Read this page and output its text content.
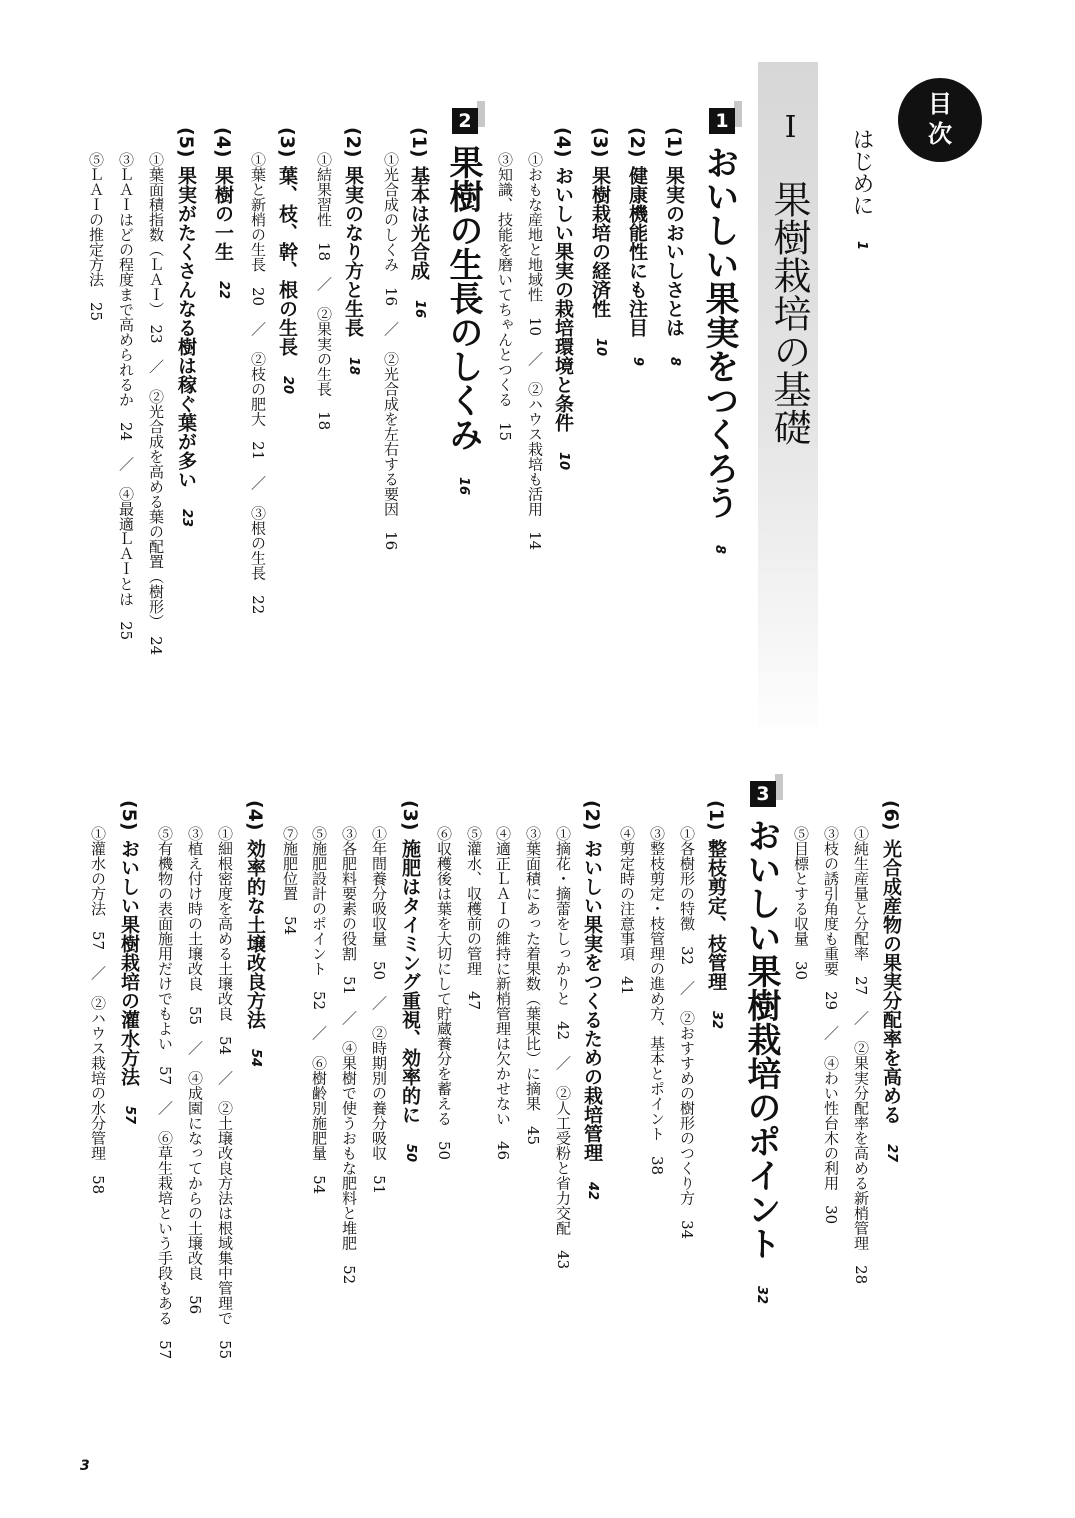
目
次
はじめに 1
Ⅰ
果樹栽培の基礎
1
2
3
おいしい果実をつくろう 8
果樹の生長のしくみ 16
おいしい果樹栽培のポイント 32
(1)果実のおいしさとは 8
(2)健康機能性にも注目 9
(3)果樹栽培の経済性 10
(4)おいしい果実の栽培環境と条件 10
①おもな産地と地域性　10　／　②ハウス栽培も活用　14
③知識、技能を磨いてちゃんとつくる　15
(1)基本は光合成 16
①光合成のしくみ　16　／　②光合成を左右する要因　16
(2)果実のなり方と生長 18
①結果習性　18　／　②果実の生長　18
(3)葉、枝、幹、根の生長 20
①葉と新梢の生長　20　／　②枝の肥大　21　／　③根の生長　22
(4)果樹の一生 22
(5)果実がたくさんなる樹は稼ぐ葉が多い 23
①葉面積指数（ＬＡＩ）　23　／　②光合成を高める葉の配置（樹形）　24
③ＬＡＩはどの程度まで高められるか　24　／　④最適ＬＡＩとは　25
⑤ＬＡＩの推定方法　25
(6)光合成産物の果実分配率を高める 27
①純生産量と分配率　27　／　②果実分配率を高める新梢管理　28
③枝の誘引角度も重要　29　／　④わい性台木の利用　30
⑤目標とする収量　30
(1)整枝剪定、枝管理 32
①各樹形の特徴　32　／　②おすすめの樹形のつくり方　34
③整枝剪定・枝管理の進め方、基本とポイント　38
④剪定時の注意事項　41
(2)おいしい果実をつくるための栽培管理 42
①摘花・摘蕾をしっかりと　42　／　②人工受粉と省力交配　43
③葉面積にあった着果数（葉果比）に摘果　45
④適正ＬＡＩの維持に新梢管理は欠かせない　46
⑤灌水、収穫前の管理　47
⑥収穫後は葉を大切にして貯蔵養分を蓄える　50
(3)施肥はタイミング重視、効率的に 50
①年間養分吸収量　50　／　②時期別の養分吸収　51
③各肥料要素の役割　51　／　④果樹で使うおもな肥料と堆肥　52
⑤施肥設計のポイント　52　／　⑥樹齢別施肥量　54
⑦施肥位置　54
(4)効率的な土壌改良方法 54
①細根密度を高める土壌改良　54　／　②土壌改良方法は根域集中管理で　55
③植え付け時の土壌改良　55　／　④成園になってからの土壌改良　56
⑤有機物の表面施用だけでもよい　57　／　⑥草生栽培という手段もある　57
(5)おいしい果樹栽培の灌水方法 57
①灌水の方法　57　／　②ハウス栽培の水分管理　58
3
